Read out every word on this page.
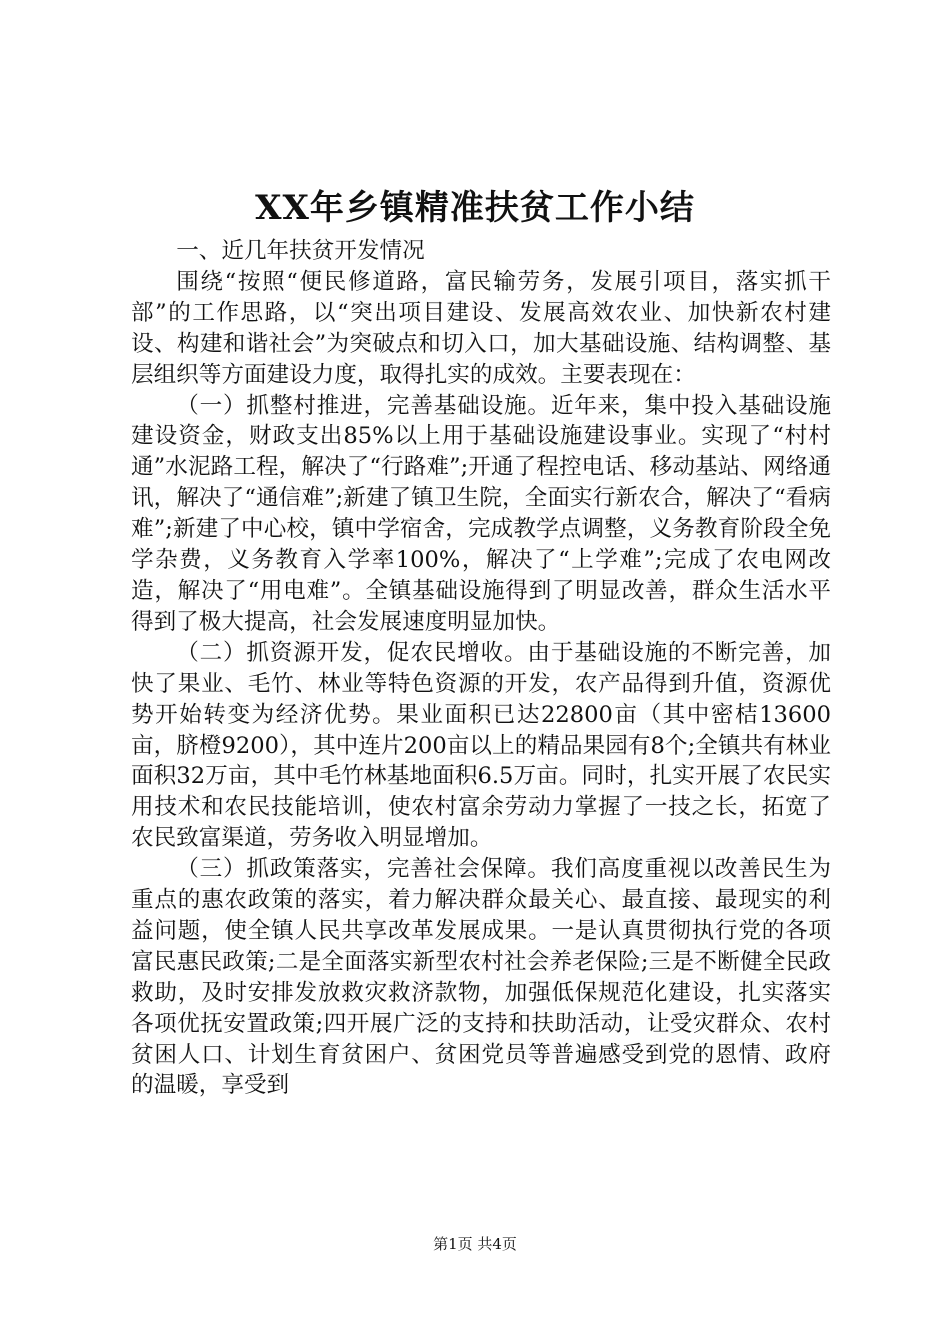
XX年乡镇精准扶贫工作小结

一、近几年扶贫开发情况

围绕“按照“便民修道路，富民输劳务，发展引项目，落实抓干部”的工作思路，以“突出项目建设、发展高效农业、加快新农村建设、构建和谐社会”为突破点和切入口，加大基础设施、结构调整、基层组织等方面建设力度，取得扎实的成效。主要表现在：

（一）抓整村推进，完善基础设施。近年来，集中投入基础设施建设资金，财政支出85%以上用于基础设施建设事业。实现了“村村通”水泥路工程，解决了“行路难”;开通了程控电话、移动基站、网络通讯，解决了“通信难”;新建了镇卫生院，全面实行新农合，解决了“看病难”;新建了中心校，镇中学宿舍，完成教学点调整，义务教育阶段全免学杂费，义务教育入学率100%，解决了“上学难”;完成了农电网改造，解决了“用电难”。全镇基础设施得到了明显改善，群众生活水平得到了极大提高，社会发展速度明显加快。

（二）抓资源开发，促农民增收。由于基础设施的不断完善，加快了果业、毛竹、林业等特色资源的开发，农产品得到升值，资源优势开始转变为经济优势。果业面积已达22800亩（其中密桔13600亩，脐橙9200），其中连片200亩以上的精品果园有8个;全镇共有林业面积32万亩，其中毛竹林基地面积6.5万亩。同时，扎实开展了农民实用技术和农民技能培训，使农村富余劳动力掌握了一技之长，拓宽了农民致富渠道，劳务收入明显增加。

（三）抓政策落实，完善社会保障。我们高度重视以改善民生为重点的惠农政策的落实，着力解决群众最关心、最直接、最现实的利益问题，使全镇人民共享改革发展成果。一是认真贯彻执行党的各项富民惠民政策;二是全面落实新型农村社会养老保险;三是不断健全民政救助，及时安排发放救灾救济款物，加强低保规范化建设，扎实落实各项优抚安置政策;四开展广泛的支持和扶助活动，让受灾群众、农村贫困人口、计划生育贫困户、贫困党员等普遍感受到党的恩情、政府的温暖，享受到

第1页 共4页
